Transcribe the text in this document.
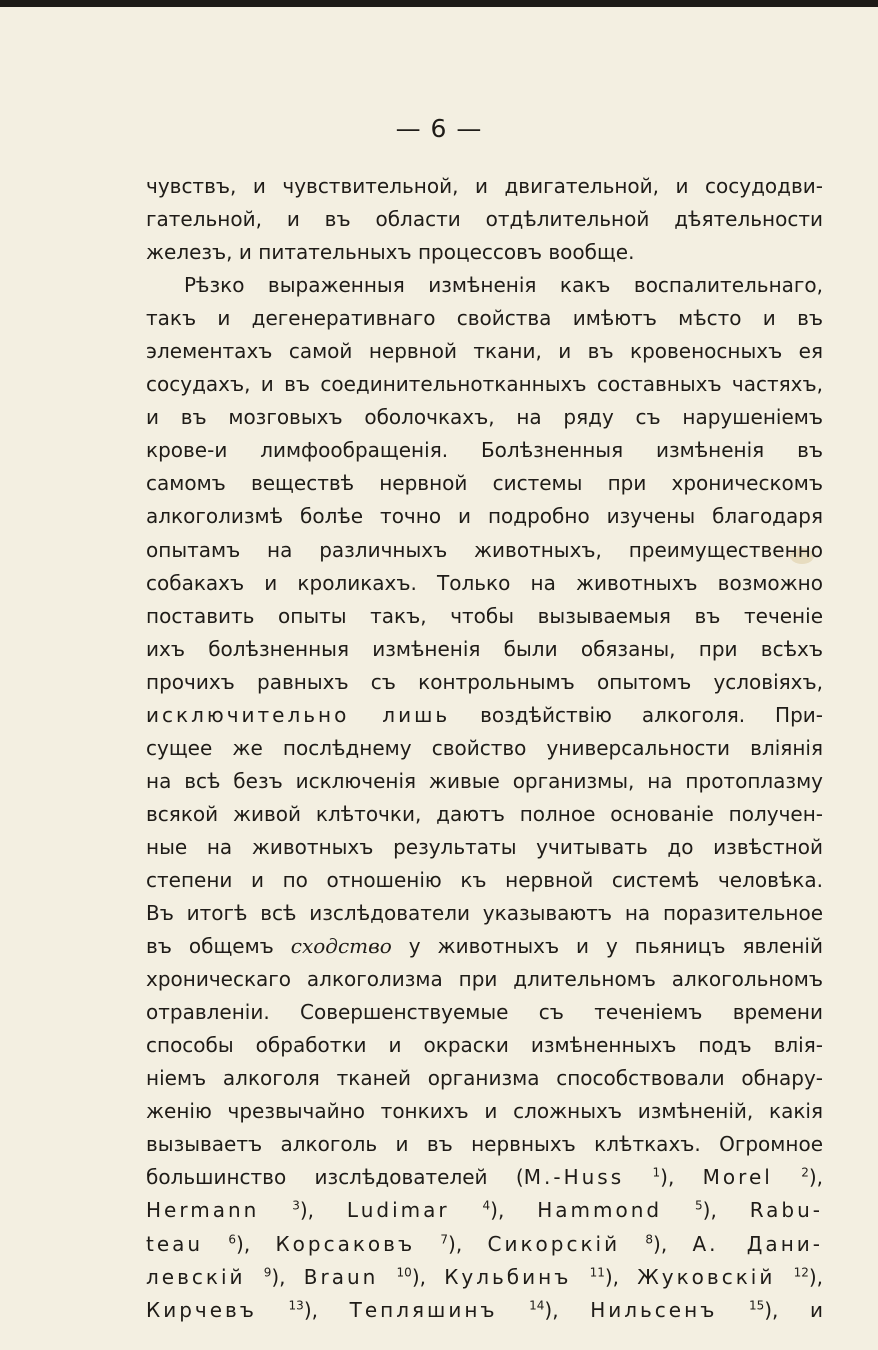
— 6 —
чувствъ, и чувствительной, и двигательной, и сосудодви-
гательной, и въ области отдѣлительной дѣятельности
железъ, и питательныхъ процессовъ вообще.
Рѣзко выраженныя измѣненія какъ воспалительнаго,
такъ и дегенеративнаго свойства имѣютъ мѣсто и въ
элементахъ самой нервной ткани, и въ кровеносныхъ ея
сосудахъ, и въ соединительнотканныхъ составныхъ частяхъ,
и въ мозговыхъ оболочкахъ, на ряду съ нарушеніемъ
крове-и лимфообращенія. Болѣзненныя измѣненія въ
самомъ веществѣ нервной системы при хроническомъ
алкоголизмѣ болѣе точно и подробно изучены благодаря
опытамъ на различныхъ животныхъ, преимущественно
собакахъ и кроликахъ. Только на животныхъ возможно
поставить опыты такъ, чтобы вызываемыя въ теченіе
ихъ болѣзненныя измѣненія были обязаны, при всѣхъ
прочихъ равныхъ съ контрольнымъ опытомъ условіяхъ,
исключительно лишь воздѣйствію алкоголя. При-
сущее же послѣднему свойство универсальности вліянія
на всѣ безъ исключенія живые организмы, на протоплазму
всякой живой клѣточки, даютъ полное основаніе получен-
ные на животныхъ результаты учитывать до извѣстной
степени и по отношенію къ нервной системѣ человѣка.
Въ итогѣ всѣ изслѣдователи указываютъ на поразительное
въ общемъ сходство у животныхъ и у пьяницъ явленій
хроническаго алкоголизма при длительномъ алкогольномъ
отравленіи. Совершенствуемые съ теченіемъ времени
способы обработки и окраски измѣненныхъ подъ влія-
ніемъ алкоголя тканей организма способствовали обнару-
женію чрезвычайно тонкихъ и сложныхъ измѣненій, какія
вызываетъ алкоголь и въ нервныхъ клѣткахъ. Огромное
большинство изслѣдователей (M.-Huss $^1$), Morel $^2$),
Hermann	$^3$), Ludimar	$^4$), Hammond	$^5$), Rabu-
teau $^6$), Корсаковъ $^7$), Сикорскій $^8$), А. Дани-
левскій $^9$), Braun $^{10}$), Кульбинъ $^{11}$), Жуковскій $^{12}$),
Кирчевъ	$^{13}$), Тепляшинъ	$^{14}$), Нильсенъ	$^{15}$), и
